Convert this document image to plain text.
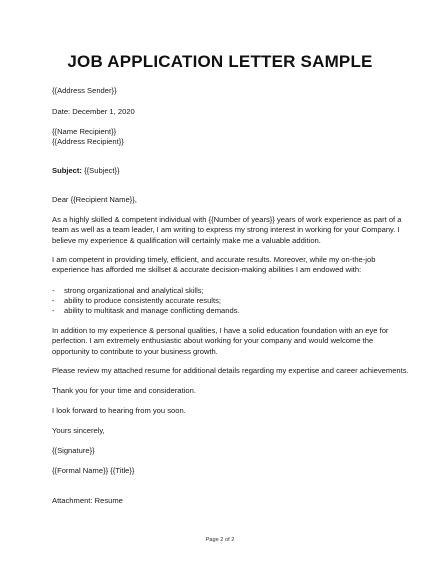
JOB APPLICATION LETTER SAMPLE
{{Address Sender}}
Date: December 1, 2020
{{Name Recipient}}
{{Address Recipient}}
Subject: {{Subject}}
Dear {{Recipient Name}},
As a highly skilled & competent individual with {{Number of years}} years of work experience as part of a
team as well as a team leader, I am writing to express my strong interest in working for your Company. I
believe my experience & qualification will certainly make me a valuable addition.
I am competent in providing timely, efficient, and accurate results. Moreover, while my on-the-job
experience has afforded me skillset & accurate decision-making abilities I am endowed with:
- strong organizational and analytical skills;
- ability to produce consistently accurate results;
- ability to multitask and manage conflicting demands.
In addition to my experience & personal qualities, I have a solid education foundation with an eye for
perfection. I am extremely enthusiastic about working for your company and would welcome the
opportunity to contribute to your business growth.
Please review my attached resume for additional details regarding my expertise and career achievements.
Thank you for your time and consideration.
I look forward to hearing from you soon.
Yours sincerely,
{{Signature}}
{{Formal Name}} {{Title}}
Attachment: Resume
Page 2 of 2
